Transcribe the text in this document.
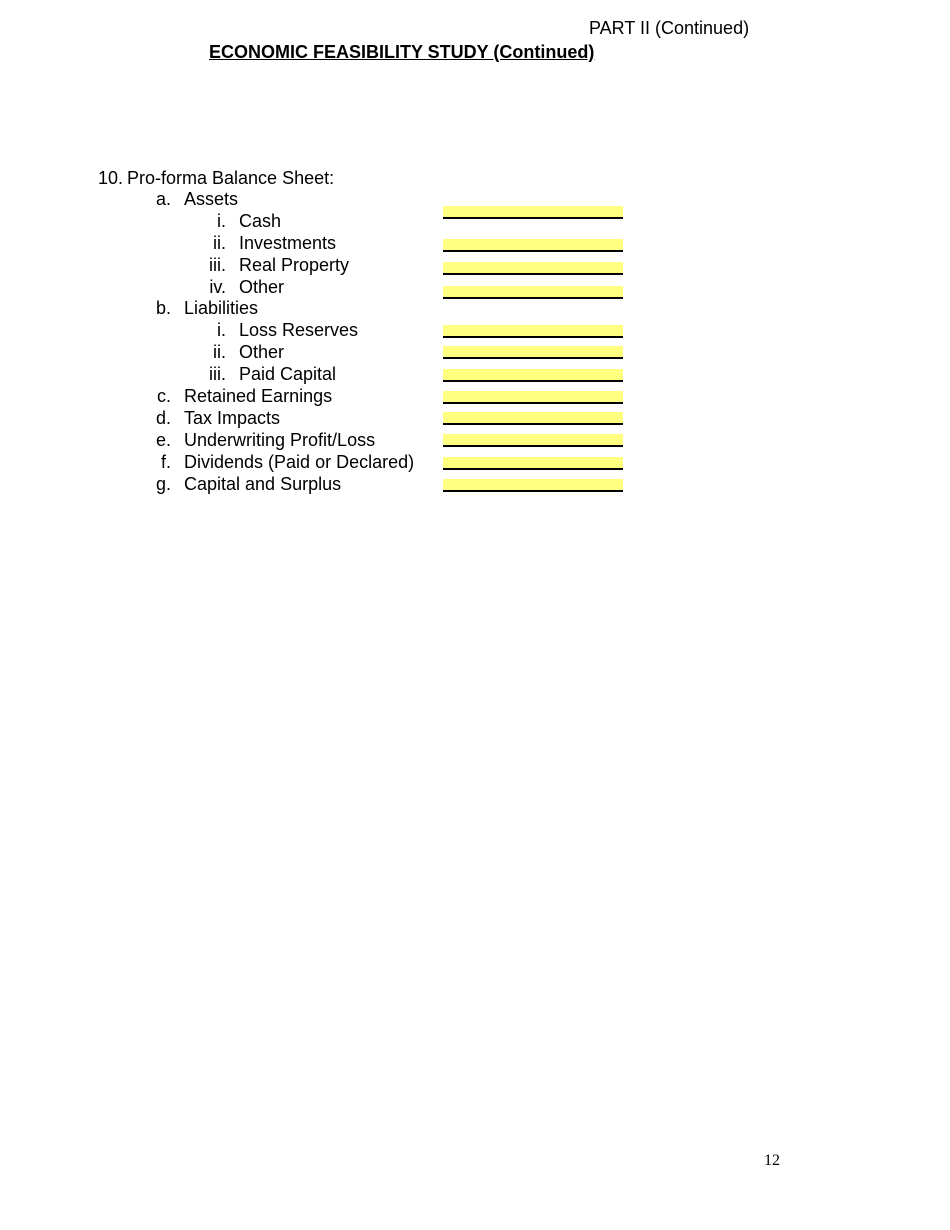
PART II (Continued)
ECONOMIC FEASIBILITY STUDY (Continued)
10. Pro-forma Balance Sheet:
a. Assets
i. Cash
ii. Investments
iii. Real Property
iv. Other
b. Liabilities
i. Loss Reserves
ii. Other
iii. Paid Capital
c. Retained Earnings
d. Tax Impacts
e. Underwriting Profit/Loss
f. Dividends (Paid or Declared)
g. Capital and Surplus
12
